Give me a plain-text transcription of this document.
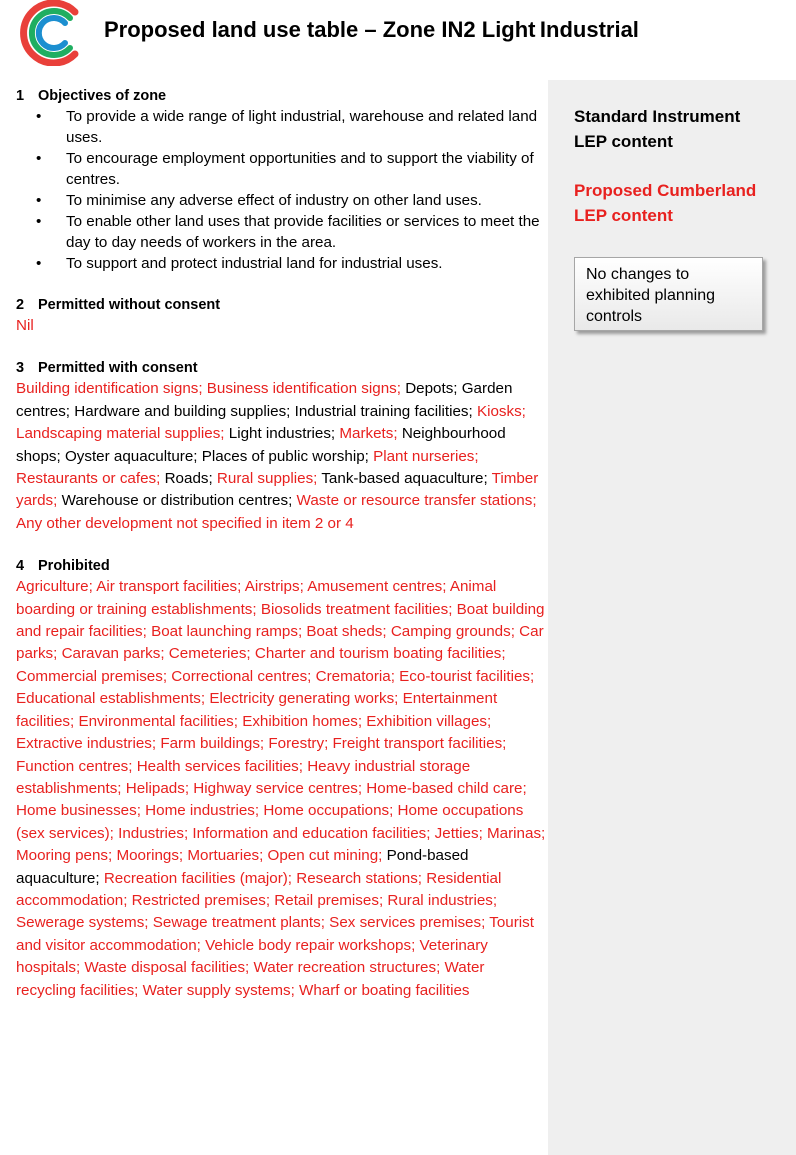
Proposed land use table – Zone IN2 Light Industrial
Standard Instrument LEP content
Proposed Cumberland LEP content
No changes to exhibited planning controls
1 Objectives of zone
• To provide a wide range of light industrial, warehouse and related land uses.
• To encourage employment opportunities and to support the viability of centres.
• To minimise any adverse effect of industry on other land uses.
• To enable other land uses that provide facilities or services to meet the day to day needs of workers in the area.
• To support and protect industrial land for industrial uses.
2 Permitted without consent

Nil

3 Permitted with consent

Building identification signs; Business identification signs; Depots; Garden centres; Hardware and building supplies; Industrial training facilities; Kiosks; Landscaping material supplies; Light industries; Markets; Neighbourhood shops; Oyster aquaculture; Places of public worship; Plant nurseries; Restaurants or cafes; Roads; Rural supplies; Tank-based aquaculture; Timber yards; Warehouse or distribution centres; Waste or resource transfer stations; Any other development not specified in item 2 or 4

4 Prohibited

Agriculture; Air transport facilities; Airstrips; Amusement centres; Animal boarding or training establishments; Biosolids treatment facilities; Boat building and repair facilities; Boat launching ramps; Boat sheds; Camping grounds; Car parks; Caravan parks; Cemeteries; Charter and tourism boating facilities; Commercial premises; Correctional centres; Crematoria; Eco-tourist facilities; Educational establishments; Electricity generating works; Entertainment facilities; Environmental facilities; Exhibition homes; Exhibition villages; Extractive industries; Farm buildings; Forestry; Freight transport facilities; Function centres; Health services facilities; Heavy industrial storage establishments; Helipads; Highway service centres; Home-based child care; Home businesses; Home industries; Home occupations; Home occupations (sex services); Industries; Information and education facilities; Jetties; Marinas; Mooring pens; Moorings; Mortuaries; Open cut mining; Pond-based aquaculture; Recreation facilities (major); Research stations; Residential accommodation; Restricted premises; Retail premises; Rural industries; Sewerage systems; Sewage treatment plants; Sex services premises; Tourist and visitor accommodation; Vehicle body repair workshops; Veterinary hospitals; Waste disposal facilities; Water recreation structures; Water recycling facilities; Water supply systems; Wharf or boating facilities
